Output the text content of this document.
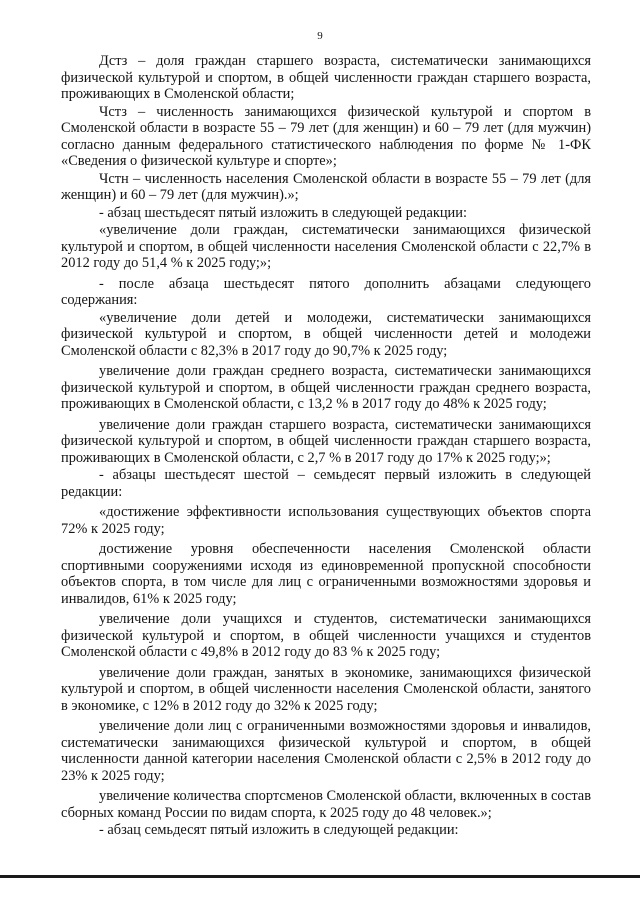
9

Дстз – доля граждан старшего возраста, систематически занимающихся физической культурой и спортом, в общей численности граждан старшего возраста, проживающих в Смоленской области;

Чстз – численность занимающихся физической культурой и спортом в Смоленской области в возрасте 55 – 79 лет (для женщин) и 60 – 79 лет (для мужчин) согласно данным федерального статистического наблюдения по форме № 1-ФК «Сведения о физической культуре и спорте»;

Чстн – численность населения Смоленской области в возрасте 55 – 79 лет (для женщин) и 60 – 79 лет (для мужчин).»;

- абзац шестьдесят пятый изложить в следующей редакции:

«увеличение доли граждан, систематически занимающихся физической культурой и спортом, в общей численности населения Смоленской области с 22,7% в 2012 году до 51,4 % к 2025 году;»;

- после абзаца шестьдесят пятого дополнить абзацами следующего содержания:

«увеличение доли детей и молодежи, систематически занимающихся физической культурой и спортом, в общей численности детей и молодежи Смоленской области с 82,3% в 2017 году до 90,7% к 2025 году;

увеличение доли граждан среднего возраста, систематически занимающихся физической культурой и спортом, в общей численности граждан среднего возраста, проживающих в Смоленской области, с 13,2 % в 2017 году до 48% к 2025 году;

увеличение доли граждан старшего возраста, систематически занимающихся физической культурой и спортом, в общей численности граждан старшего возраста, проживающих в Смоленской области, с 2,7 % в 2017 году до 17% к 2025 году;»;

- абзацы шестьдесят шестой – семьдесят первый изложить в следующей редакции:

«достижение эффективности использования существующих объектов спорта 72% к 2025 году;

достижение уровня обеспеченности населения Смоленской области спортивными сооружениями исходя из единовременной пропускной способности объектов спорта, в том числе для лиц с ограниченными возможностями здоровья и инвалидов, 61% к 2025 году;

увеличение доли учащихся и студентов, систематически занимающихся физической культурой и спортом, в общей численности учащихся и студентов Смоленской области с 49,8% в 2012 году до 83 % к 2025 году;

увеличение доли граждан, занятых в экономике, занимающихся физической культурой и спортом, в общей численности населения Смоленской области, занятого в экономике, с 12% в 2012 году до 32% к 2025 году;

увеличение доли лиц с ограниченными возможностями здоровья и инвалидов, систематически занимающихся физической культурой и спортом, в общей численности данной категории населения Смоленской области с 2,5% в 2012 году до 23% к 2025 году;

увеличение количества спортсменов Смоленской области, включенных в состав сборных команд России по видам спорта, к 2025 году до 48 человек.»;

- абзац семьдесят пятый изложить в следующей редакции:
